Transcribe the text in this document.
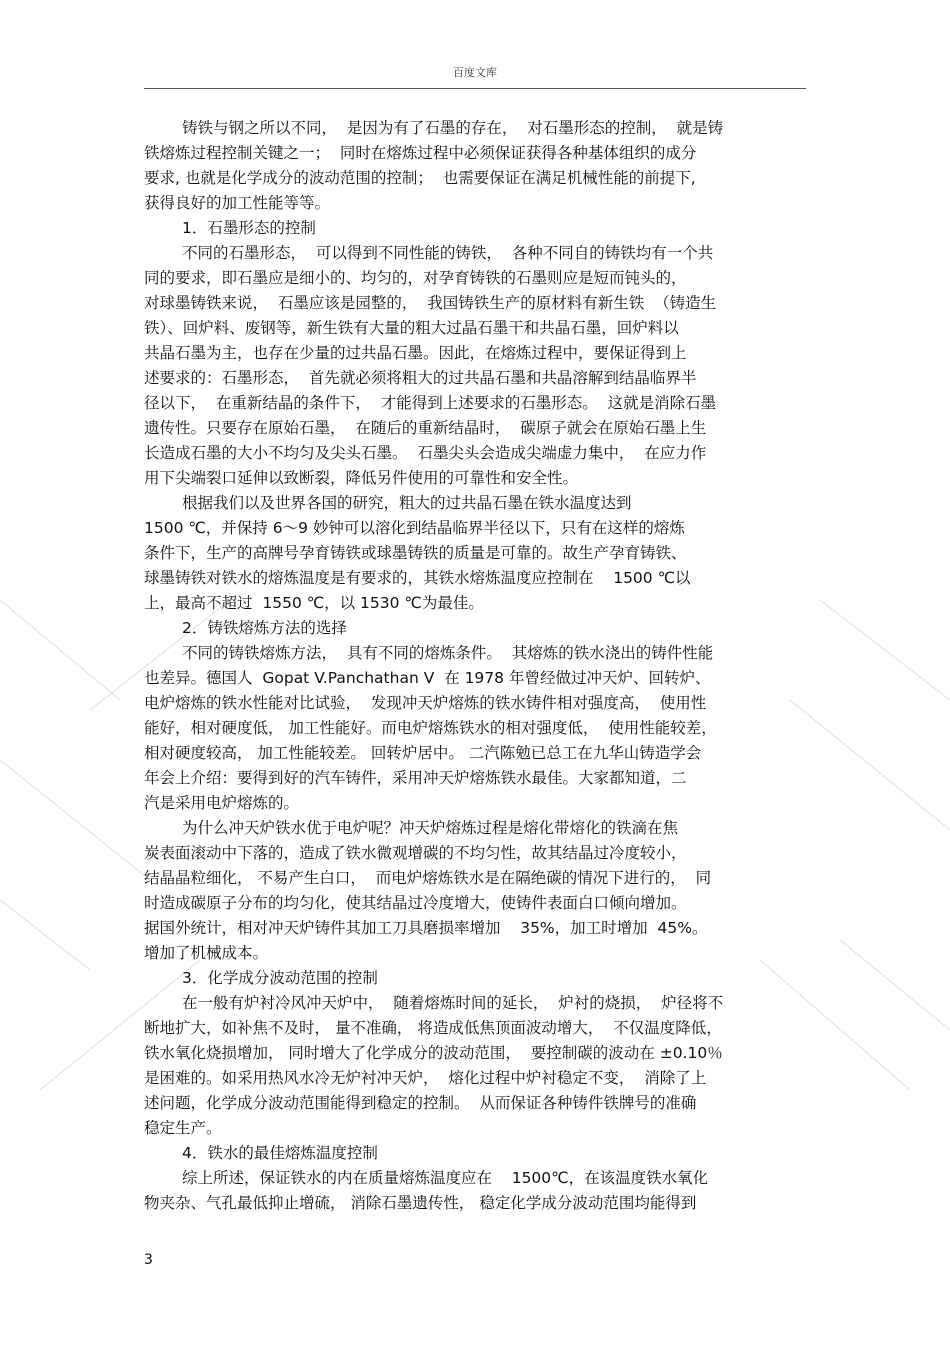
百度文库
铸铁与钢之所以不同，  是因为有了石墨的存在，  对石墨形态的控制，  就是铸
铁熔炼过程控制关键之一；  同时在熔炼过程中必须保证获得各种基体组织的成分
要求, 也就是化学成分的波动范围的控制；  也需要保证在满足机械性能的前提下,
获得良好的加工性能等等。
1．石墨形态的控制
不同的石墨形态，  可以得到不同性能的铸铁，  各种不同自的铸铁均有一个共
同的要求，即石墨应是细小的、均匀的，对孕育铸铁的石墨则应是短而钝头的，
对球墨铸铁来说，  石墨应该是园整的，  我国铸铁生产的原材料有新生铁  （铸造生
铁）、回炉料、废钢等，新生铁有大量的粗大过晶石墨干和共晶石墨，回炉料以
共晶石墨为主，也存在少量的过共晶石墨。因此，在熔炼过程中，要保证得到上
述要求的：石墨形态，  首先就必须将粗大的过共晶石墨和共晶溶解到结晶临界半
径以下，  在重新结晶的条件下，  才能得到上述要求的石墨形态。  这就是消除石墨
遗传性。只要存在原始石墨，  在随后的重新结晶时，  碳原子就会在原始石墨上生
长造成石墨的大小不均匀及尖头石墨。  石墨尖头会造成尖端虚力集中，  在应力作
用下尖端裂口延伸以致断裂，降低另件使用的可靠性和安全性。
根据我们以及世界各国的研究，粗大的过共晶石墨在铁水温度达到
1500 ℃，并保持 6～9 妙钟可以溶化到结晶临界半径以下，只有在这样的熔炼
条件下，生产的高牌号孕育铸铁或球墨铸铁的质量是可靠的。故生产孕育铸铁、
球墨铸铁对铁水的熔炼温度是有要求的，其铁水熔炼温度应控制在    1500 ℃以
上，最高不超过  1550 ℃，以 1530 ℃为最佳。
2．铸铁熔炼方法的选择
不同的铸铁熔炼方法，  具有不同的熔炼条件。  其熔炼的铁水浇出的铸件性能
也差异。德国人  Gopat V.Panchathan V  在 1978 年曾经做过冲天炉、回转炉、
电炉熔炼的铁水性能对比试验，  发现冲天炉熔炼的铁水铸件相对强度高，  使用性
能好，相对硬度低， 加工性能好。而电炉熔炼铁水的相对强度低，  使用性能较差，
相对硬度较高， 加工性能较差。 回转炉居中。 二汽陈勉已总工在九华山铸造学会
年会上介绍：要得到好的汽车铸件，采用冲天炉熔炼铁水最佳。大家都知道，二
汽是采用电炉熔炼的。
为什么冲天炉铁水优于电炉呢？冲天炉熔炼过程是熔化带熔化的铁滴在焦
炭表面滚动中下落的，造成了铁水微观增碳的不均匀性，故其结晶过冷度较小，
结晶晶粒细化， 不易产生白口，  而电炉熔炼铁水是在隔绝碳的情况下进行的，  同
时造成碳原子分布的均匀化，使其结晶过冷度增大，使铸件表面白口倾向增加。
据国外统计，相对冲天炉铸件其加工刀具磨损率增加    35%，加工时增加  45%。
增加了机械成本。
3．化学成分波动范围的控制
在一般有炉衬冷风冲天炉中，  随着熔炼时间的延长，  炉衬的烧损，  炉径将不
断地扩大，如补焦不及时， 量不准确， 将造成低焦顶面波动增大，  不仅温度降低，
铁水氧化烧损增加， 同时增大了化学成分的波动范围，  要控制碳的波动在 ±0.10％
是困难的。如采用热风水冷无炉衬冲天炉，  熔化过程中炉衬稳定不变，  消除了上
述问题，化学成分波动范围能得到稳定的控制。  从而保证各种铸件铁牌号的准确
稳定生产。
4．铁水的最佳熔炼温度控制
综上所述，保证铁水的内在质量熔炼温度应在    1500℃，在该温度铁水氧化
物夹杂、气孔最低抑止增硫， 消除石墨遗传性， 稳定化学成分波动范围均能得到
3
